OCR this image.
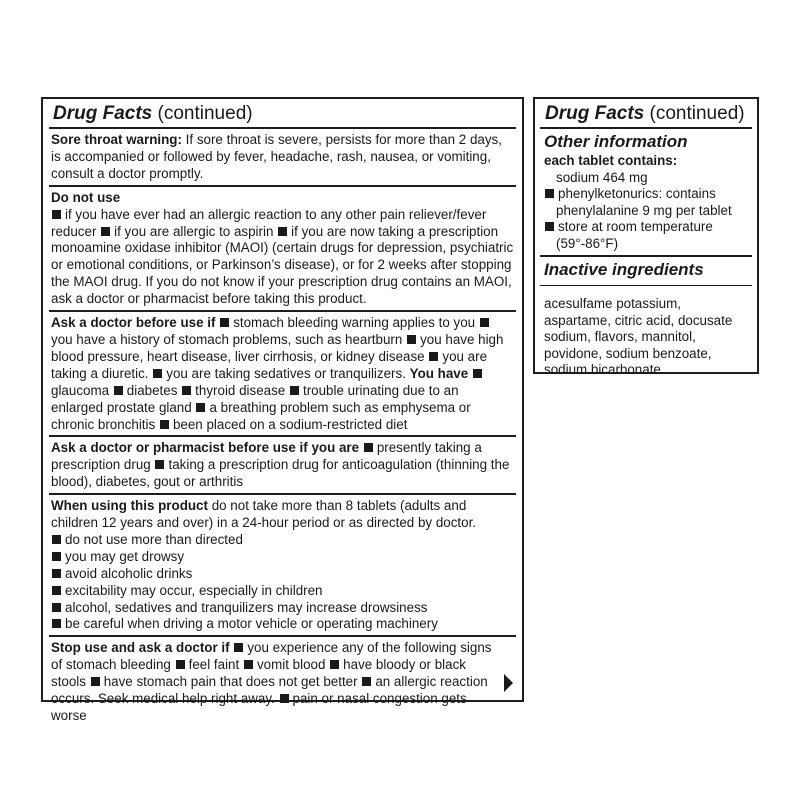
Drug Facts (continued)
Sore throat warning: If sore throat is severe, persists for more than 2 days, is accompanied or followed by fever, headache, rash, nausea, or vomiting, consult a doctor promptly.
Do not use
if you have ever had an allergic reaction to any other pain reliever/fever reducer if you are allergic to aspirin if you are now taking a prescription monoamine oxidase inhibitor (MAOI) (certain drugs for depression, psychiatric or emotional conditions, or Parkinson’s disease), or for 2 weeks after stopping the MAOI drug. If you do not know if your prescription drug contains an MAOI, ask a doctor or pharmacist before taking this product.
Ask a doctor before use if stomach bleeding warning applies to you you have a history of stomach problems, such as heartburn you have high blood pressure, heart disease, liver cirrhosis, or kidney disease you are taking a diuretic. you are taking sedatives or tranquilizers. You have glaucoma diabetes thyroid disease trouble urinating due to an enlarged prostate gland a breathing problem such as emphysema or chronic bronchitis been placed on a sodium-restricted diet
Ask a doctor or pharmacist before use if you are presently taking a prescription drug taking a prescription drug for anticoagulation (thinning the blood), diabetes, gout or arthritis
When using this product do not take more than 8 tablets (adults and children 12 years and over) in a 24-hour period or as directed by doctor.
do not use more than directed
you may get drowsy
avoid alcoholic drinks
excitability may occur, especially in children
alcohol, sedatives and tranquilizers may increase drowsiness
be careful when driving a motor vehicle or operating machinery
Stop use and ask a doctor if you experience any of the following signs of stomach bleeding feel faint vomit blood have bloody or black stools have stomach pain that does not get better an allergic reaction occurs. Seek medical help right away. pain or nasal congestion gets worse
Drug Facts (continued)
Other information
each tablet contains:
sodium 464 mg
phenylketonurics: contains phenylalanine 9 mg per tablet
store at room temperature (59°-86°F)
Inactive ingredients
acesulfame potassium, aspartame, citric acid, docusate sodium, flavors, mannitol, povidone, sodium benzoate, sodium bicarbonate
